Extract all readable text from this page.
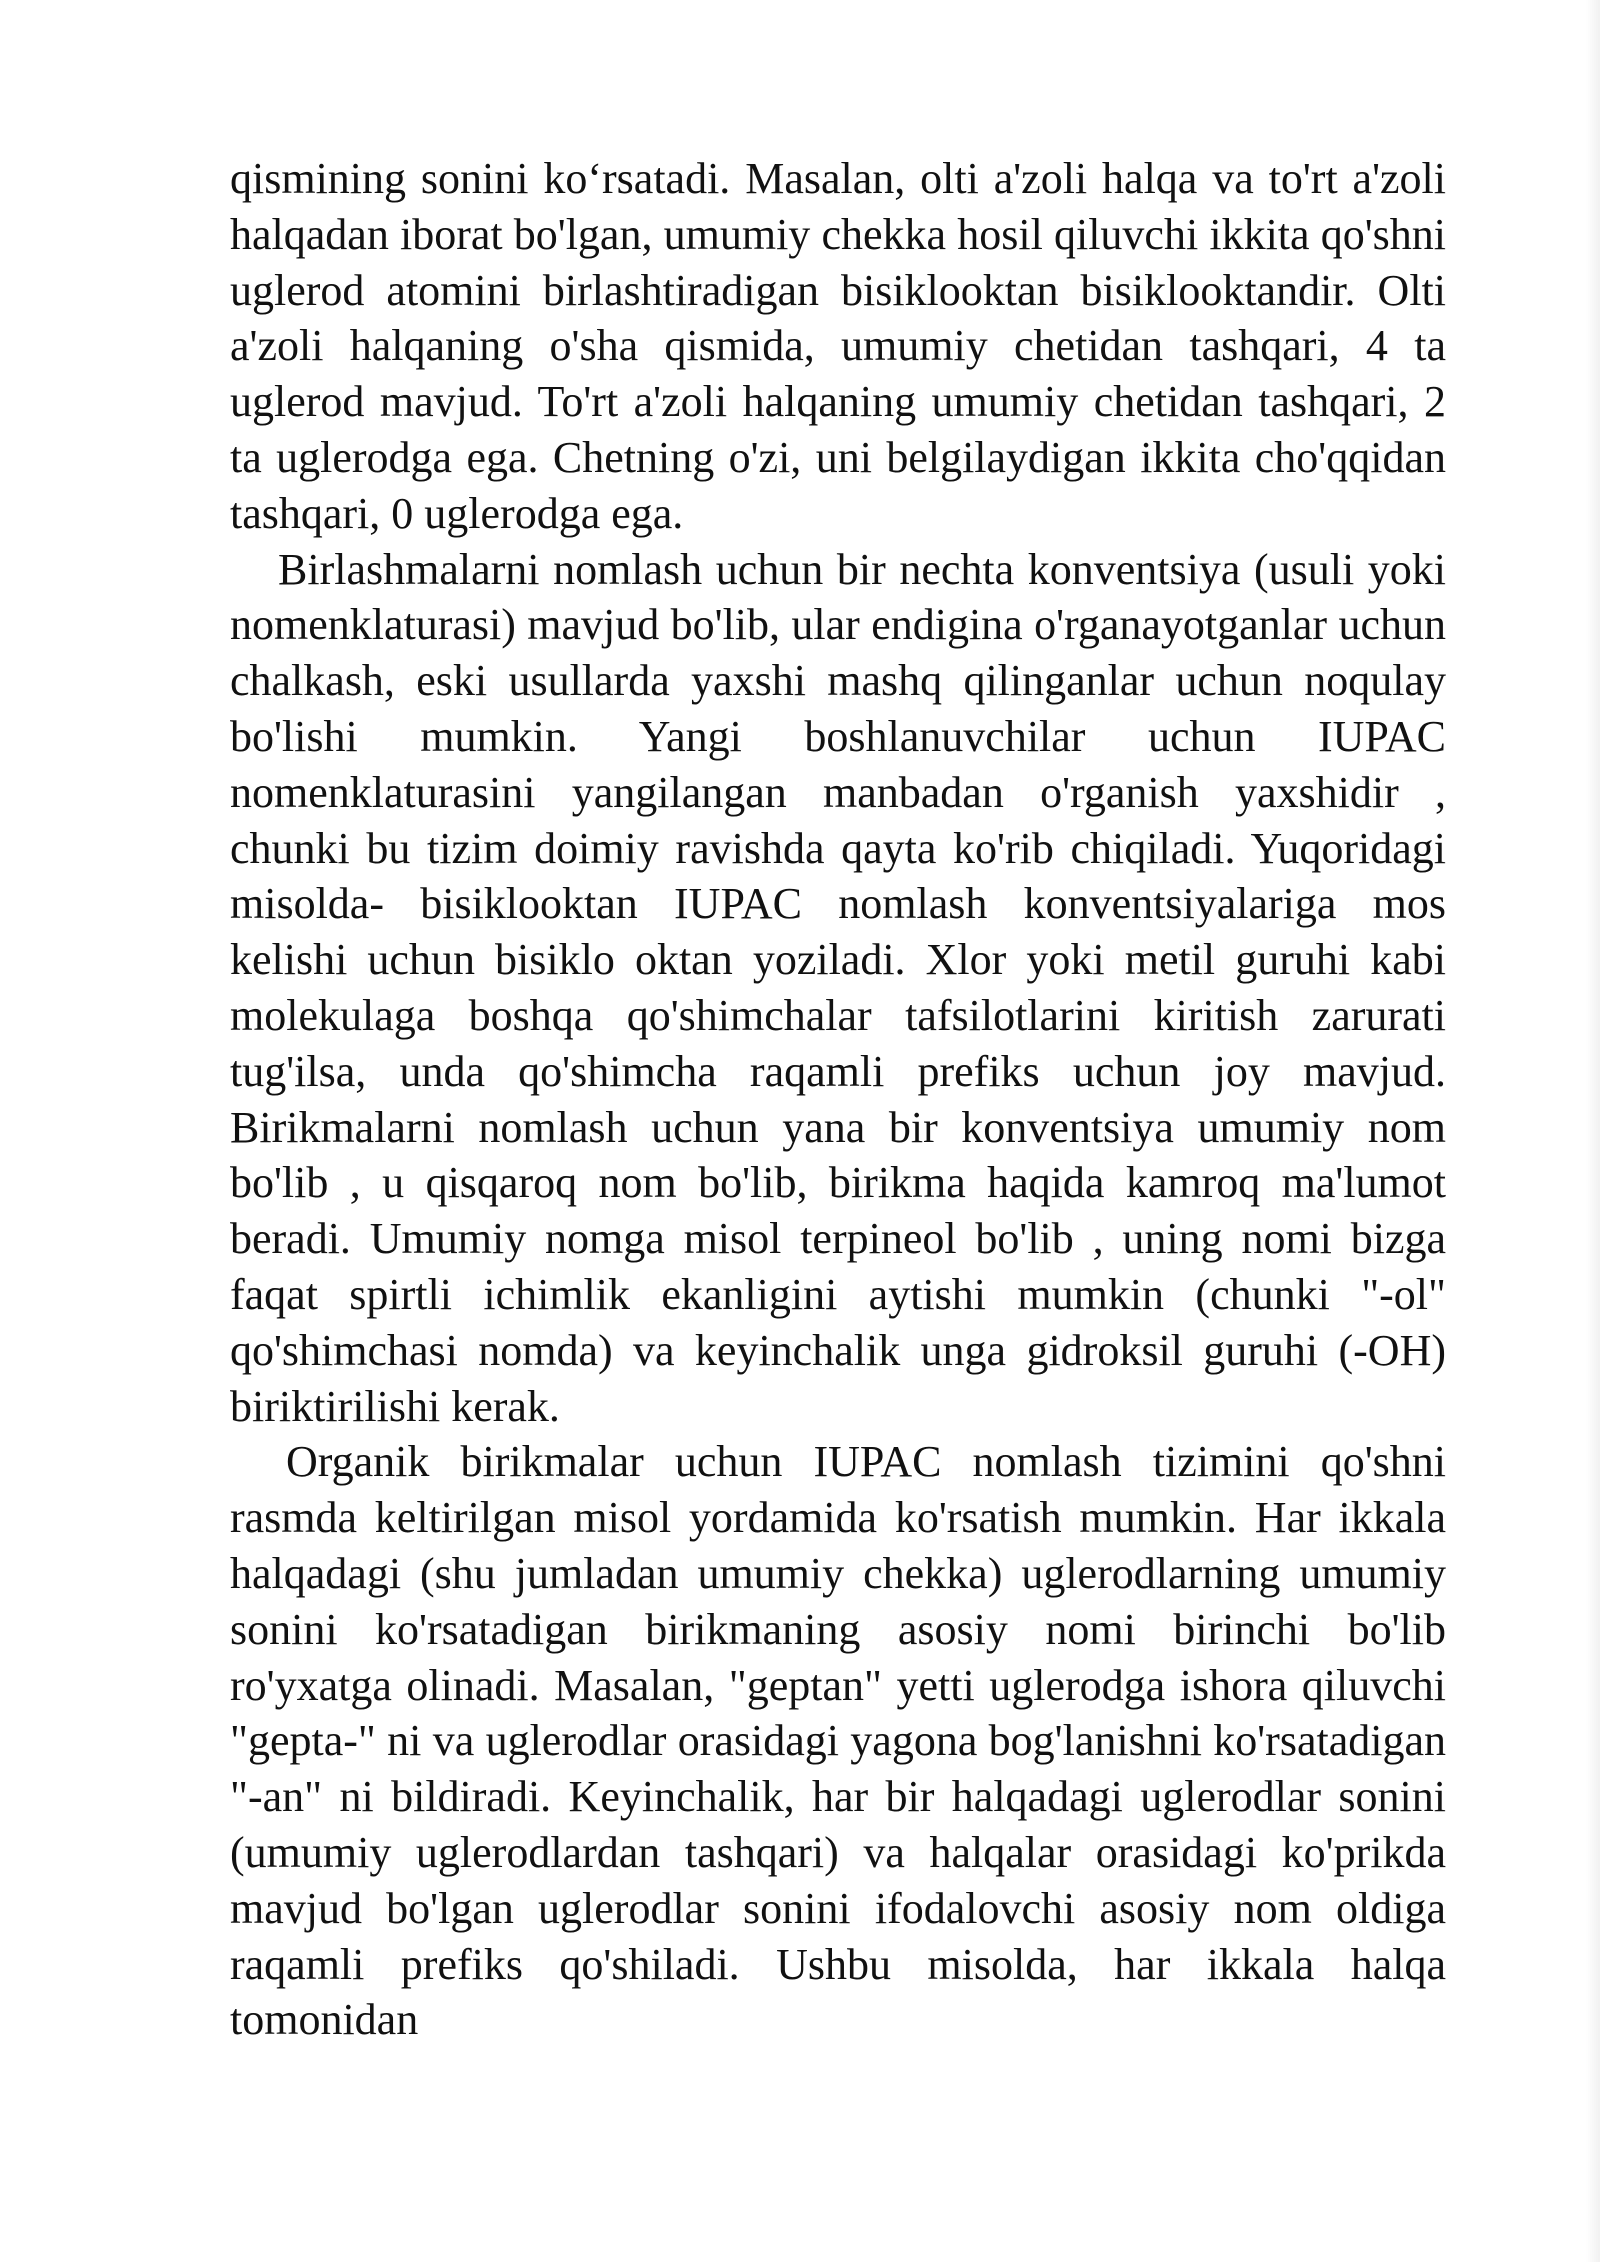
qismining sonini ko‘rsatadi. Masalan, olti a'zoli halqa va to'rt a'zoli halqadan iborat bo'lgan, umumiy chekka hosil qiluvchi ikkita qo'shni uglerod atomini birlashtiradigan bisiklooktan bisiklooktandir. Olti a'zoli halqaning o'sha qismida, umumiy chetidan tashqari, 4 ta uglerod mavjud. To'rt a'zoli halqaning umumiy chetidan tashqari, 2 ta uglerodga ega. Chetning o'zi, uni belgilaydigan ikkita cho'qqidan tashqari, 0 uglerodga ega.

Birlashmalarni nomlash uchun bir nechta konventsiya (usuli yoki nomenklaturasi) mavjud bo'lib, ular endigina o'rganayotganlar uchun chalkash, eski usullarda yaxshi mashq qilinganlar uchun noqulay bo'lishi mumkin. Yangi boshlanuvchilar uchun IUPAC nomenklaturasini yangilangan manbadan o'rganish yaxshidir , chunki bu tizim doimiy ravishda qayta ko'rib chiqiladi. Yuqoridagi misolda- bisiklooktan IUPAC nomlash konventsiyalariga mos kelishi uchun bisiklo oktan yoziladi. Xlor yoki metil guruhi kabi molekulaga boshqa qo'shimchalar tafsilotlarini kiritish zarurati tug'ilsa, unda qo'shimcha raqamli prefiks uchun joy mavjud. Birikmalarni nomlash uchun yana bir konventsiya umumiy nom bo'lib , u qisqaroq nom bo'lib, birikma haqida kamroq ma'lumot beradi. Umumiy nomga misol terpineol bo'lib , uning nomi bizga faqat spirtli ichimlik ekanligini aytishi mumkin (chunki "-ol" qo'shimchasi nomda) va keyinchalik unga gidroksil guruhi (-OH) biriktirilishi kerak.

Organik birikmalar uchun IUPAC nomlash tizimini qo'shni rasmda keltirilgan misol yordamida ko'rsatish mumkin. Har ikkala halqadagi (shu jumladan umumiy chekka) uglerodlarning umumiy sonini ko'rsatadigan birikmaning asosiy nomi birinchi bo'lib ro'yxatga olinadi. Masalan, "geptan" yetti uglerodga ishora qiluvchi "gepta-" ni va uglerodlar orasidagi yagona bog'lanishni ko'rsatadigan "-an" ni bildiradi. Keyinchalik, har bir halqadagi uglerodlar sonini (umumiy uglerodlardan tashqari) va halqalar orasidagi ko'prikda mavjud bo'lgan uglerodlar sonini ifodalovchi asosiy nom oldiga raqamli prefiks qo'shiladi. Ushbu misolda, har ikkala halqa tomonidan
